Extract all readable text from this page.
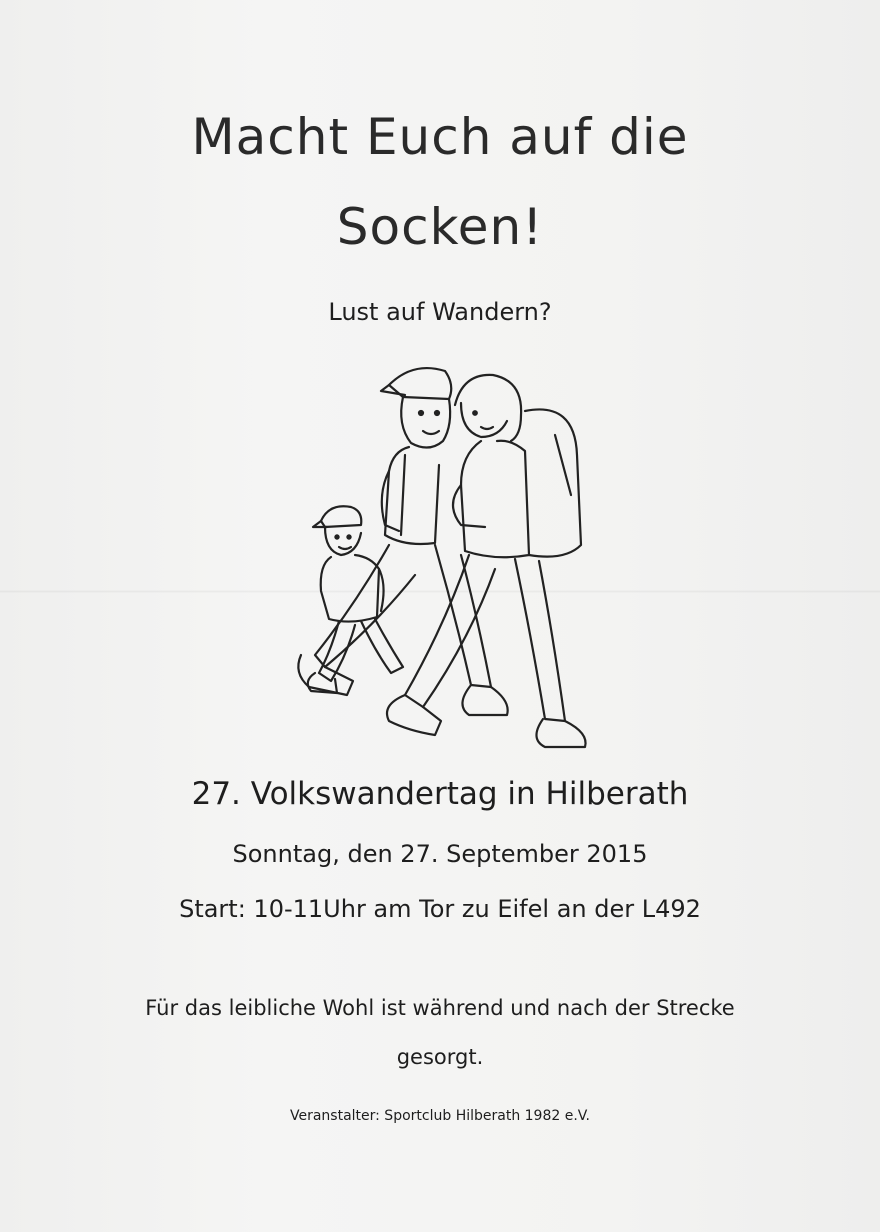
Macht Euch auf die
Socken!
Lust auf Wandern?
27. Volkswandertag in Hilberath
Sonntag, den 27. September 2015
Start: 10-11Uhr am Tor zu Eifel an der L492
Für das leibliche Wohl ist während und nach der Strecke
gesorgt.
Veranstalter: Sportclub Hilberath 1982 e.V.
